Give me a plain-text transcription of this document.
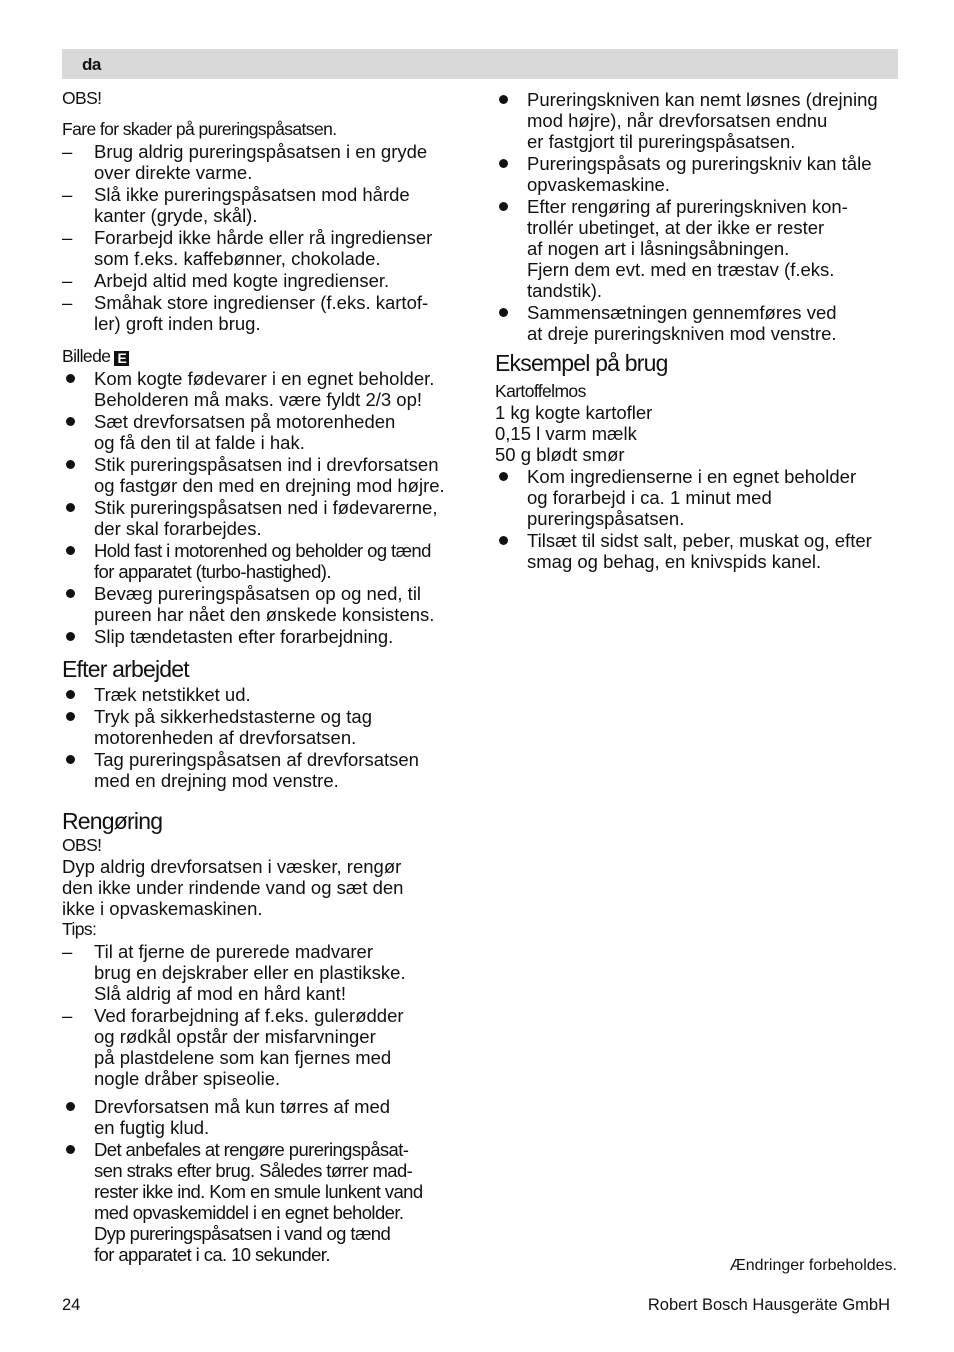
da
OBS!
Fare for skader på pureringspåsatsen.
– Brug aldrig pureringspåsatsen i en gryde
over direkte varme.
– Slå ikke pureringspåsatsen mod hårde
kanter (gryde, skål).
– Forarbejd ikke hårde eller rå ingredienser
som f.eks. kaffebønner, chokolade.
– Arbejd altid med kogte ingredienser.
– Småhak store ingredienser (f.eks. kartof-
ler) groft inden brug.
Billede E
Kom kogte fødevarer i en egnet beholder.
Beholderen må maks. være fyldt 2/3 op!
Sæt drevforsatsen på motorenheden
og få den til at falde i hak.
Stik pureringspåsatsen ind i drevforsatsen
og fastgør den med en drejning mod højre.
Stik pureringspåsatsen ned i fødevarerne,
der skal forarbejdes.
Hold fast i motorenhed og beholder og tænd
for apparatet (turbo-hastighed).
Bevæg pureringspåsatsen op og ned, til
pureen har nået den ønskede konsistens.
Slip tændetasten efter forarbejdning.
Efter arbejdet
Træk netstikket ud.
Tryk på sikkerhedstasterne og tag
motorenheden af drevforsatsen.
Tag pureringspåsatsen af drevforsatsen
med en drejning mod venstre.
Rengøring
OBS!
Dyp aldrig drevforsatsen i væsker, rengør
den ikke under rindende vand og sæt den
ikke i opvaskemaskinen.
Tips:
– Til at fjerne de purerede madvarer
brug en dejskraber eller en plastikske.
Slå aldrig af mod en hård kant!
– Ved forarbejdning af f.eks. gulerødder
og rødkål opstår der misfarvninger
på plastdelene som kan fjernes med
nogle dråber spiseolie.
Drevforsatsen må kun tørres af med
en fugtig klud.
Det anbefales at rengøre pureringspåsat-
sen straks efter brug. Således tørrer mad-
rester ikke ind. Kom en smule lunkent vand
med opvaskemiddel i en egnet beholder.
Dyp pureringspåsatsen i vand og tænd
for apparatet i ca. 10 sekunder.
Pureringskniven kan nemt løsnes (drejning
mod højre), når drevforsatsen endnu
er fastgjort til pureringspåsatsen.
Pureringspåsats og pureringskniv kan tåle
opvaskemaskine.
Efter rengøring af pureringskniven kon-
trollér ubetinget, at der ikke er rester
af nogen art i låsningsåbningen.
Fjern dem evt. med en træstav (f.eks.
tandstik).
Sammensætningen gennemføres ved
at dreje pureringskniven mod venstre.
Eksempel på brug
Kartoffelmos
1 kg kogte kartofler
0,15 l varm mælk
50 g blødt smør
Kom ingredienserne i en egnet beholder
og forarbejd i ca. 1 minut med
pureringspåsatsen.
Tilsæt til sidst salt, peber, muskat og, efter
smag og behag, en knivspids kanel.
Ændringer forbeholdes.
24	Robert Bosch Hausgeräte GmbH
